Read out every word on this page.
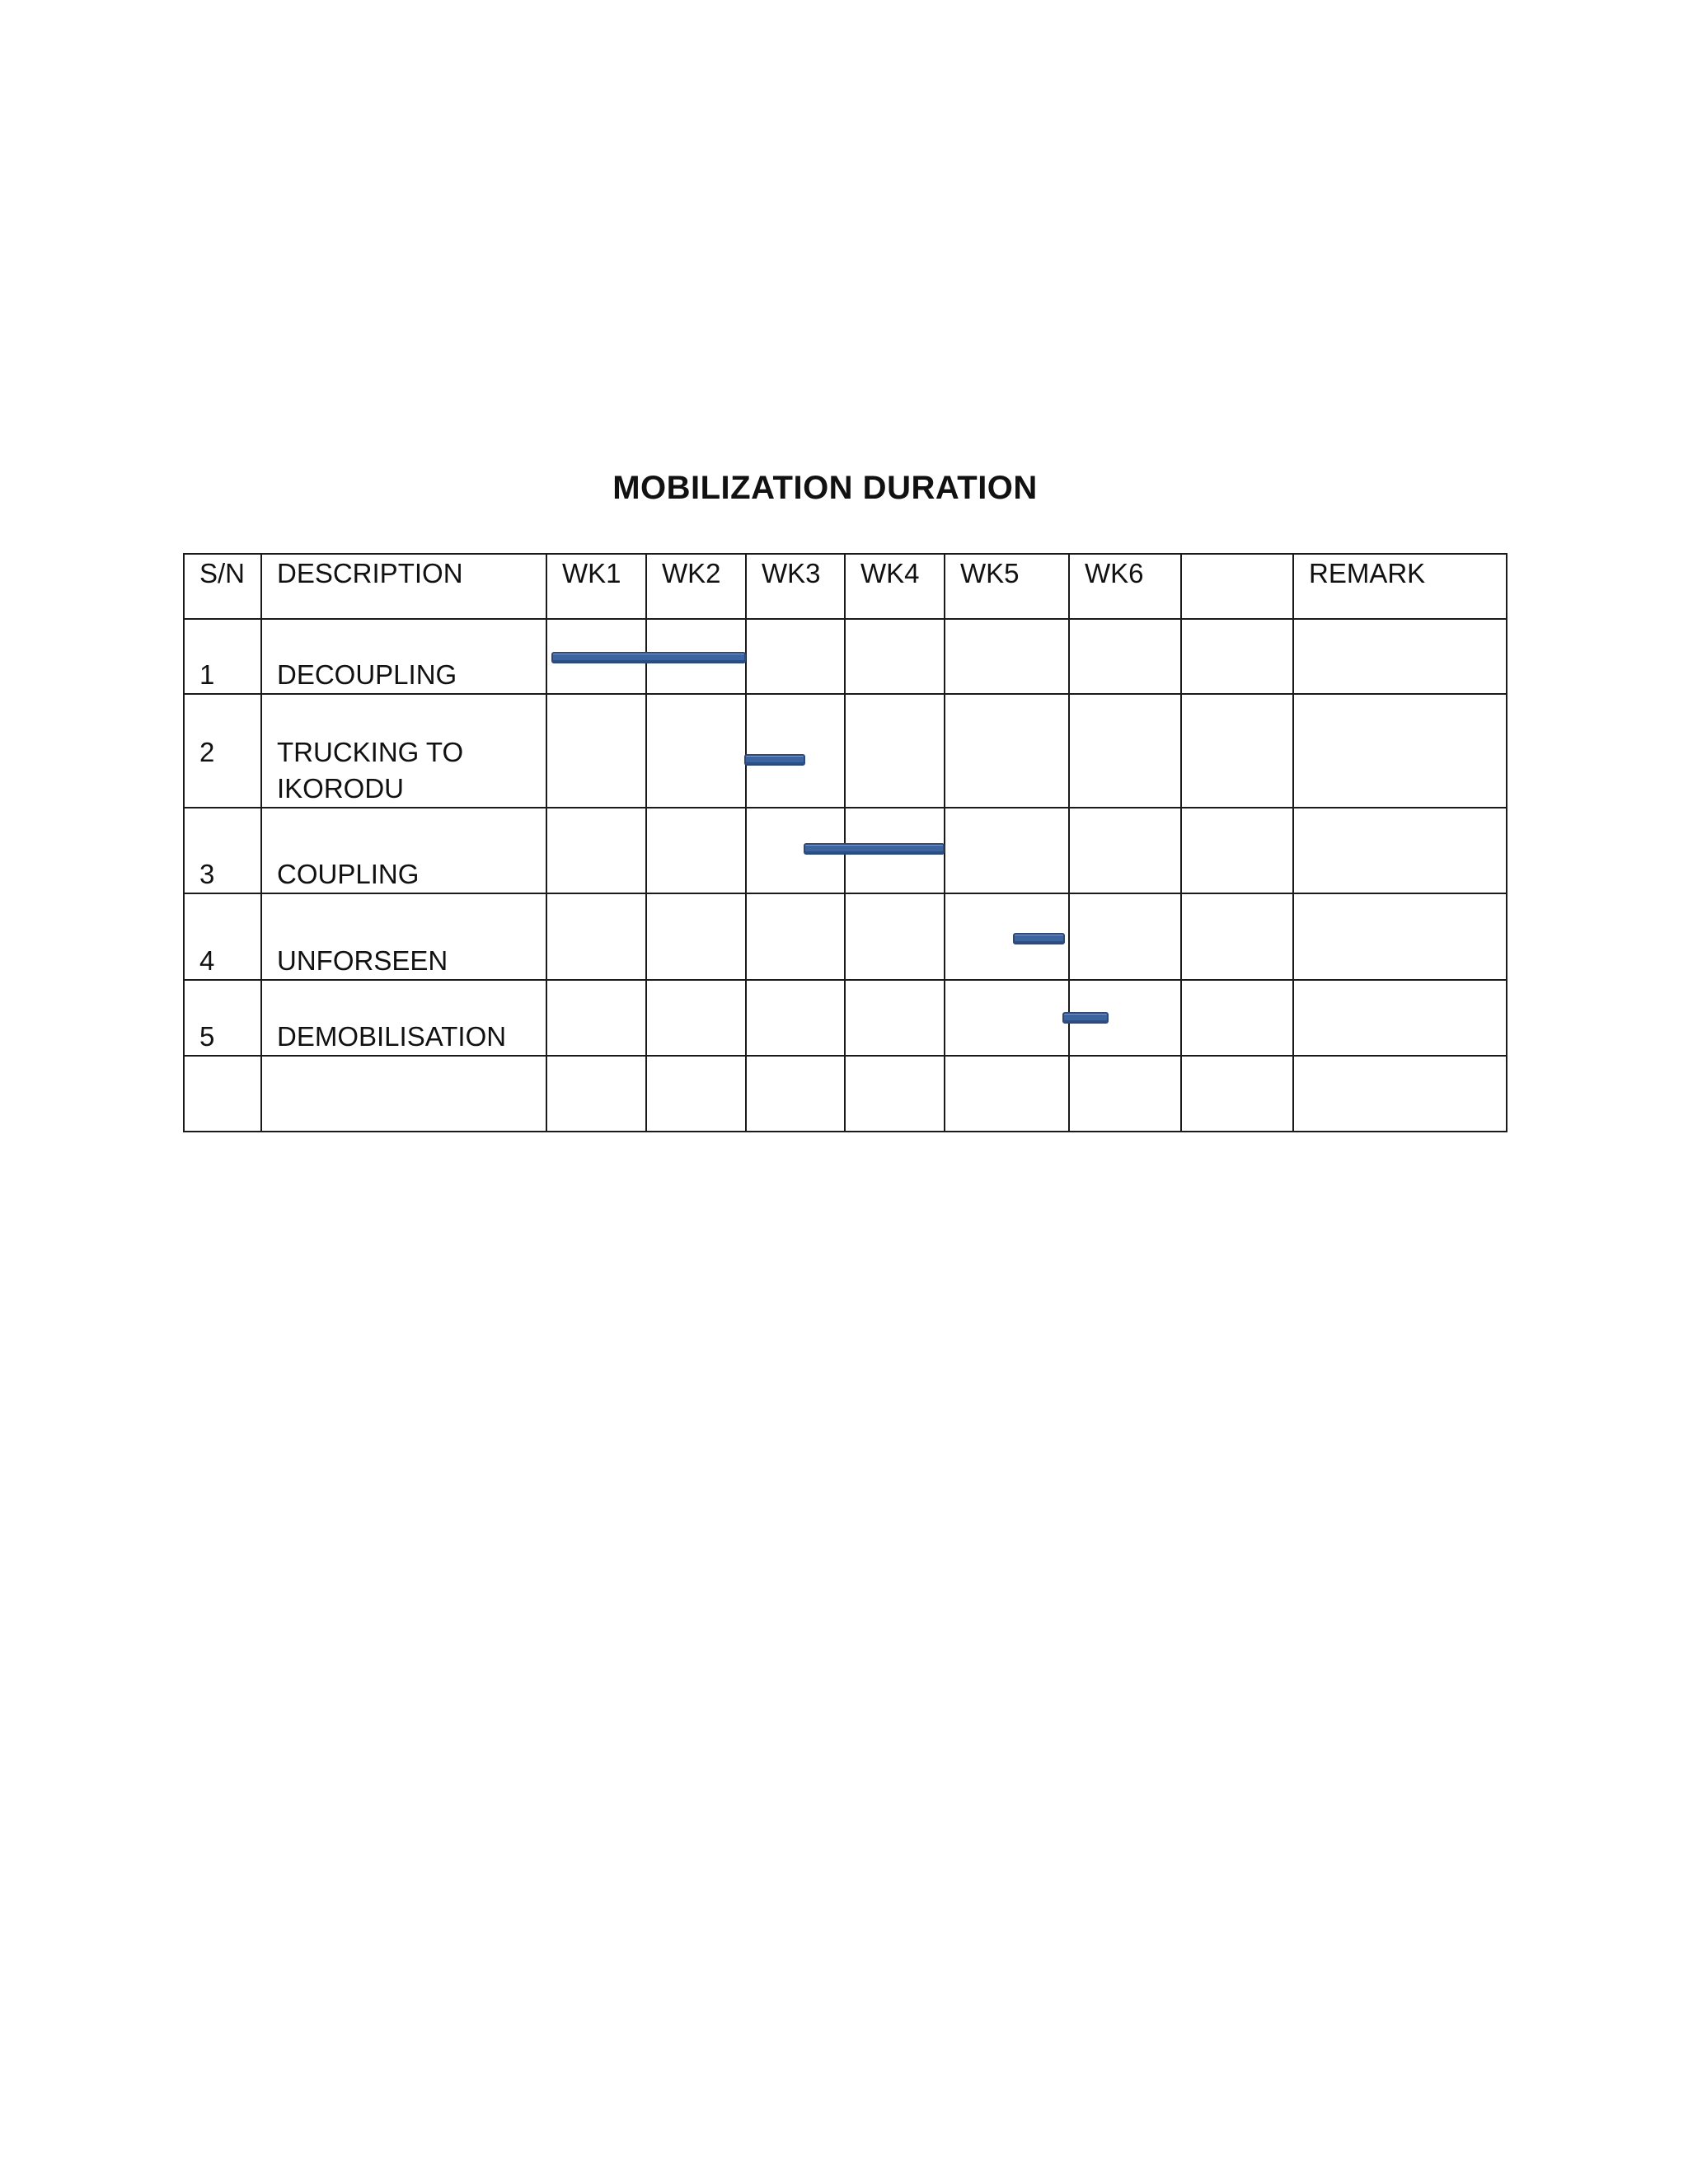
MOBILIZATION DURATION
S/N	DESCRIPTION	WK1	WK2	WK3	WK4	WK5	WK6		REMARK

1	DECOUPLING								

2	TRUCKING TO
IKORODU								

3	COUPLING								

4	UNFORSEEN								

5	DEMOBILISATION								
